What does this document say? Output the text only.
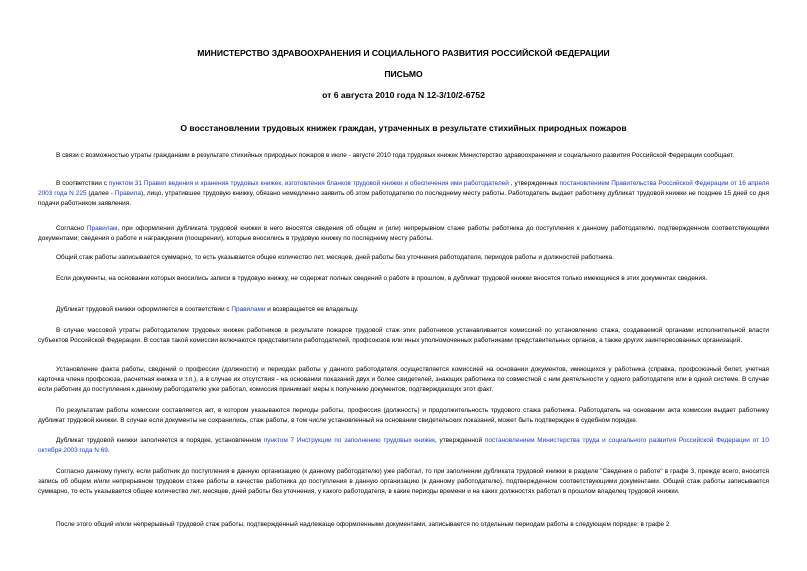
МИНИСТЕРСТВО ЗДРАВООХРАНЕНИЯ И СОЦИАЛЬНОГО РАЗВИТИЯ РОССИЙСКОЙ ФЕДЕРАЦИИ
ПИСЬМО
от 6 августа 2010 года N 12-3/10/2-6752
О восстановлении трудовых книжек граждан, утраченных в результате стихийных природных пожаров

В связи с возможностью утраты гражданами в результате стихийных природных пожаров в июле - августе 2010 года трудовых книжек Министерство здравоохранения и социального развития Российской Федерации сообщает.

В соответствии с пунктом 31 Правил ведения и хранения трудовых книжек, изготовления бланков трудовой книжки и обеспечения ими работодателей , утвержденных постановлением Правительства Российской Федерации от 16 апреля 2003 года N 225 (далее - Правила), лицо, утратившее трудовую книжку, обязано немедленно заявить об этом работодателю по последнему месту работы. Работодатель выдает работнику дубликат трудовой книжки не позднее 15 дней со дня подачи работником заявления.

Согласно Правилам, при оформлении дубликата трудовой книжки в него вносятся сведения об общем и (или) непрерывном стаже работы работника до поступления к данному работодателю, подтвержденном соответствующими документами; сведения о работе и награждении (поощрении), которые вносились в трудовую книжку по последнему месту работы.

Общий стаж работы записывается суммарно, то есть указывается общее количество лет, месяцев, дней работы без уточнения работодателя, периодов работы и должностей работника.

Если документы, на основании которых вносились записи в трудовую книжку, не содержат полных сведений о работе в прошлом, в дубликат трудовой книжки вносятся только имеющиеся в этих документах сведения.

Дубликат трудовой книжки оформляется в соответствии с Правилами и возвращается ее владельцу.

В случае массовой утраты работодателем трудовых книжек работников в результате пожаров трудовой стаж этих работников устанавливается комиссией по установлению стажа, создаваемой органами исполнительной власти субъектов Российской Федерации. В состав такой комиссии включаются представители работодателей, профсоюзов или иных уполномоченных работниками представительных органов, а также других заинтересованных организаций.

Установление факта работы, сведений о профессии (должности) и периодах работы у данного работодателя осуществляется комиссией на основании документов, имеющихся у работника (справка, профсоюзный билет, учетная карточка члена профсоюза, расчетная книжка и т.п.), а в случае их отсутствия - на основании показаний двух и более свидетелей, знающих работника по совместной с ним деятельности у одного работодателя или в одной системе. В случае если работник до поступления к данному работодателю уже работал, комиссия принимает меры к получению документов, подтверждающих этот факт.

По результатам работы комиссии составляется акт, в котором указываются периоды работы, профессия (должность) и продолжительность трудового стажа работника. Работодатель на основании акта комиссии выдает работнику дубликат трудовой книжки. В случае если документы не сохранились, стаж работы, в том числе установленный на основании свидетельских показаний, может быть подтвержден в судебном порядке.

Дубликат трудовой книжки заполняется в порядке, установленном пунктом 7 Инструкции по заполнению трудовых книжек, утвержденной постановлением Министерства труда и социального развития Российской Федерации от 10 октября 2003 года N 69.

Согласно данному пункту, если работник до поступления в данную организацию (к данному работодателю) уже работал, то при заполнении дубликата трудовой книжки в разделе "Сведения о работе" в графе 3, прежде всего, вносится запись об общем и/или непрерывном трудовом стаже работы в качестве работника до поступления в данную организацию (к данному работодателю), подтвержденном соответствующими документами. Общий стаж работы записывается суммарно, то есть указывается общее количество лет, месяцев, дней работы без уточнения, у какого работодателя, в какие периоды времени и на каких должностях работал в прошлом владелец трудовой книжки.

После этого общий и/или непрерывный трудовой стаж работы, подтвержденный надлежаще оформленными документами, записывается по отдельным периодам работы в следующем порядке: в графе 2
